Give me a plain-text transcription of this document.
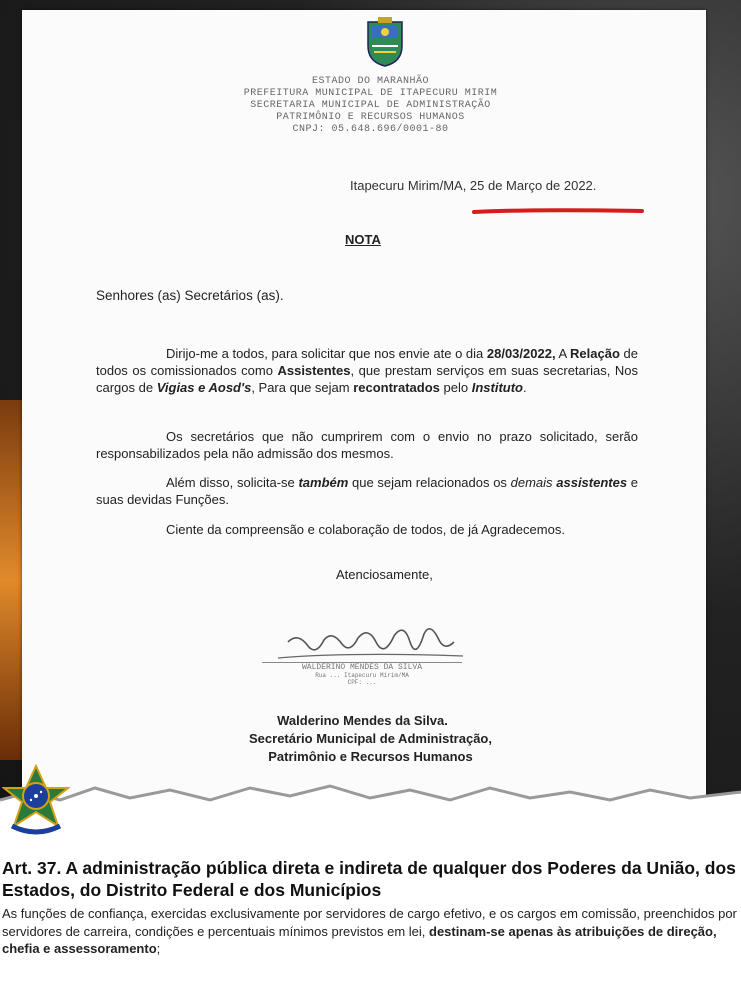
ESTADO DO MARANHÃO
PREFEITURA MUNICIPAL DE ITAPECURU MIRIM
SECRETARIA MUNICIPAL DE ADMINISTRAÇÃO
PATRIMÔNIO E RECURSOS HUMANOS
CNPJ: 05.648.696/0001-80
Itapecuru Mirim/MA, 25 de Março de 2022.
NOTA
Senhores (as) Secretários (as).
Dirijo-me a todos, para solicitar que nos envie ate o dia 28/03/2022, A Relação de todos os comissionados como Assistentes, que prestam serviços em suas secretarias, Nos cargos de Vigias e Aosd's, Para que sejam recontratados pelo Instituto.
Os secretários que não cumprirem com o envio no prazo solicitado, serão responsabilizados pela não admissão dos mesmos.
Além disso, solicita-se também que sejam relacionados os demais assistentes e suas devidas Funções.
Ciente da compreensão e colaboração de todos, de já Agradecemos.
Atenciosamente,
WALDERINO MENDES DA SILVA
Rua ... Itapecuru Mirim/MA
CPF: ...
Walderino Mendes da Silva.
Secretário Municipal de Administração,
Patrimônio e Recursos Humanos
Art. 37. A administração pública direta e indireta de qualquer dos Poderes da União, dos Estados, do Distrito Federal e dos Municípios
As funções de confiança, exercidas exclusivamente por servidores de cargo efetivo, e os cargos em comissão, preenchidos por servidores de carreira, condições e percentuais mínimos previstos em lei, destinam-se apenas às atribuições de direção, chefia e assessoramento;
